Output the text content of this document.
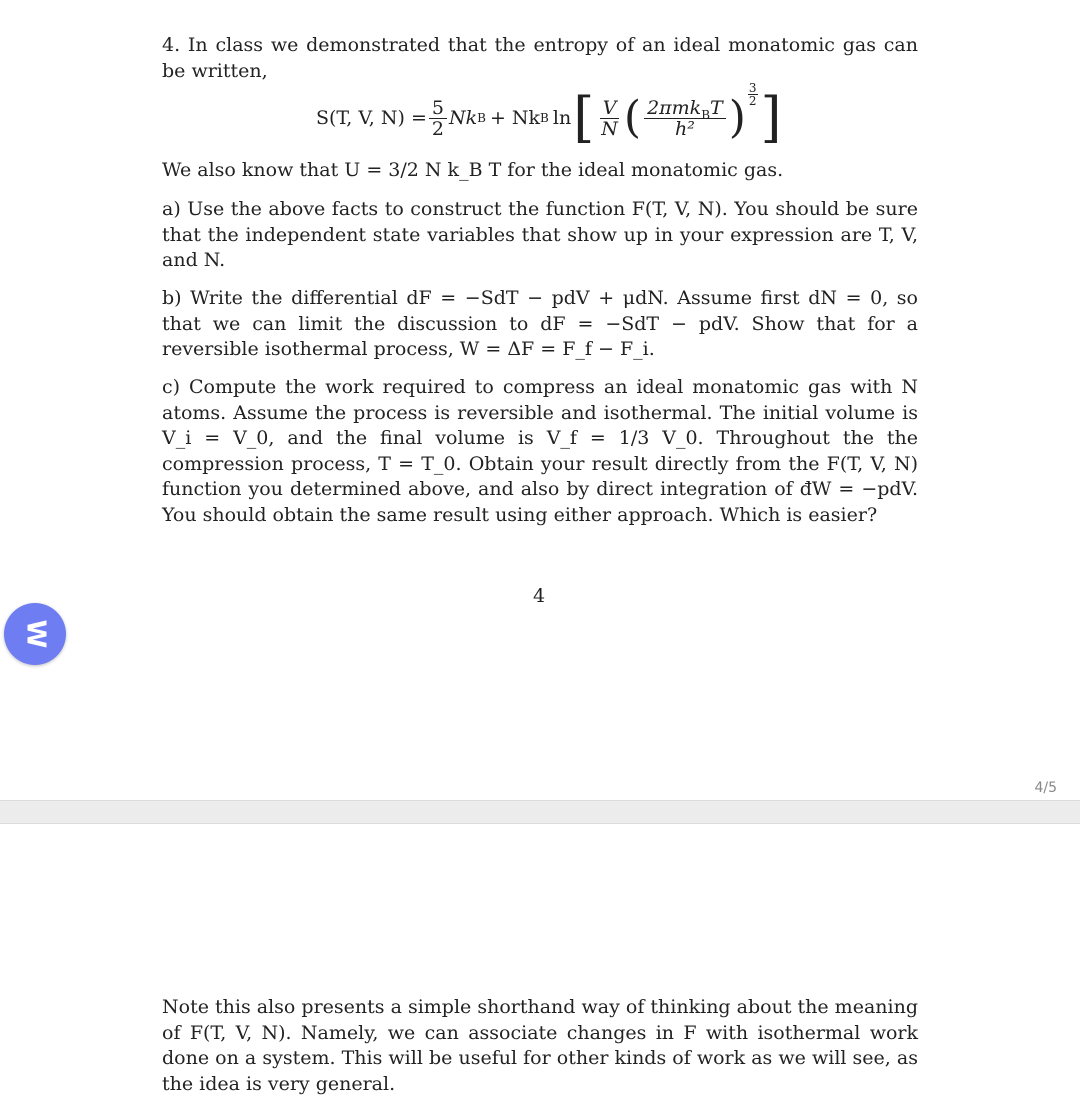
4. In class we demonstrated that the entropy of an ideal monatomic gas can be written,

S(T, V, $N) = \frac{5}{2}$ Nk B + Nk B ln [ $\frac{V}{N}$ ( $\frac{2\pi mk_BT}{\text{h²}}$ ) $\frac{3}{2}$ ]

We also know that U = 3/2 N k_B T for the ideal monatomic gas.

a) Use the above facts to construct the function F(T, V, N). You should be sure that the independent state variables that show up in your expression are T, V, and N.

b) Write the differential dF = −SdT − pdV + μdN. Assume first dN = 0, so that we can limit the discussion to dF = −SdT − pdV. Show that for a reversible isothermal process, W = ΔF = F_f − F_i.

c) Compute the work required to compress an ideal monatomic gas with N atoms. Assume the process is reversible and isothermal. The initial volume is V_i = V_0, and the final volume is V_f = 1/3 V_0. Throughout the the compression process, T = T_0. Obtain your result directly from the F(T, V, N) function you determined above, and also by direct integration of đW = −pdV. You should obtain the same result using either approach. Which is easier?

4
W
4/5

Note this also presents a simple shorthand way of thinking about the meaning of F(T, V, N). Namely, we can associate changes in F with isothermal work done on a system. This will be useful for other kinds of work as we will see, as the idea is very general.
